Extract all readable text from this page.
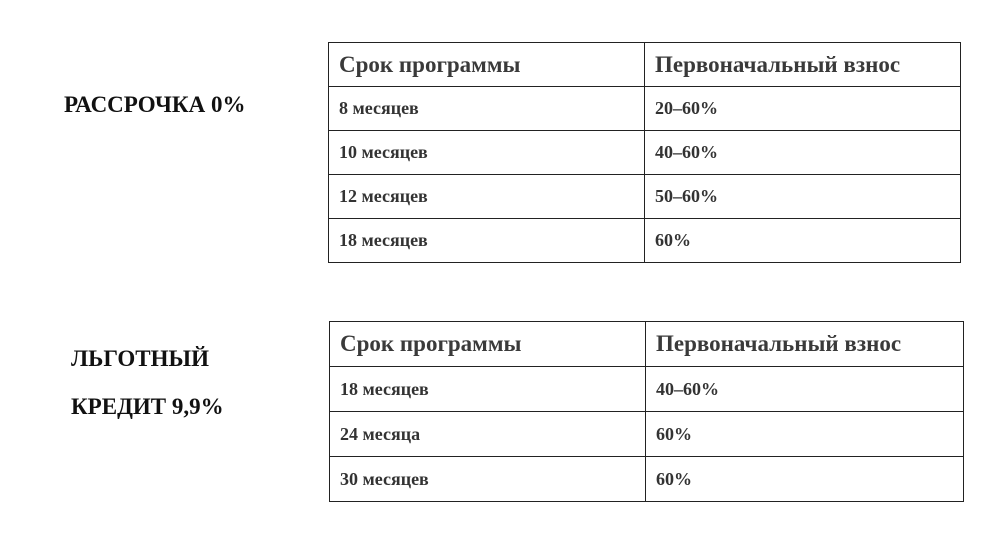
РАССРОЧКА 0%
Срок программы	Первоначальный взнос
8 месяцев	20–60%
10 месяцев	40–60%
12 месяцев	50–60%
18 месяцев	60%
ЛЬГОТНЫЙ
КРЕДИТ 9,9%
Срок программы	Первоначальный взнос
18 месяцев	40–60%
24 месяца	60%
30 месяцев	60%
